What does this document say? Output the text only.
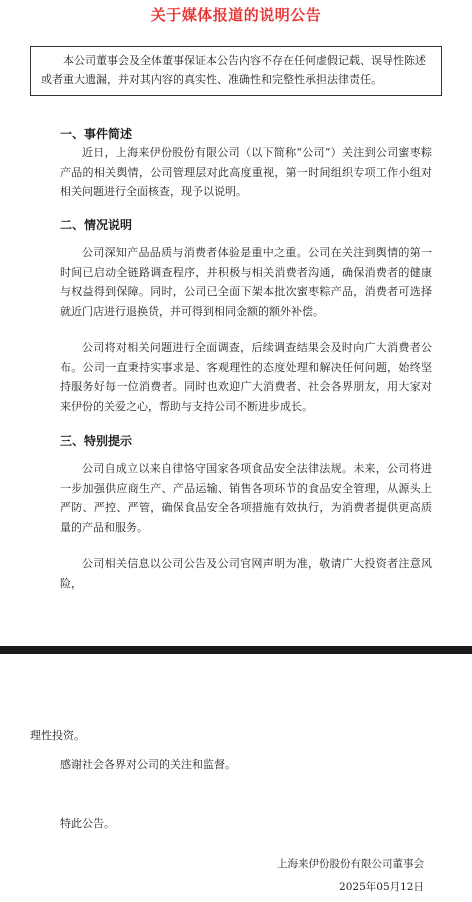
关于媒体报道的说明公告
本公司董事会及全体董事保证本公告内容不存在任何虚假记载、误导性陈述或者重大遗漏，并对其内容的真实性、准确性和完整性承担法律责任。
一、事件简述
近日，上海来伊份股份有限公司（以下简称“公司”）关注到公司蜜枣粽产品的相关舆情，公司管理层对此高度重视，第一时间组织专项工作小组对相关问题进行全面核查，现予以说明。
二、情况说明
公司深知产品品质与消费者体验是重中之重。公司在关注到舆情的第一时间已启动全链路调查程序，并积极与相关消费者沟通，确保消费者的健康与权益得到保障。同时，公司已全面下架本批次蜜枣粽产品，消费者可选择就近门店进行退换货，并可得到相同金额的额外补偿。
公司将对相关问题进行全面调查，后续调查结果会及时向广大消费者公布。公司一直秉持实事求是、客观理性的态度处理和解决任何问题，始终坚持服务好每一位消费者。同时也欢迎广大消费者、社会各界朋友，用大家对来伊份的关爱之心，帮助与支持公司不断进步成长。
三、特别提示
公司自成立以来自律恪守国家各项食品安全法律法规。未来，公司将进一步加强供应商生产、产品运输、销售各项环节的食品安全管理，从源头上严防、严控、严管，确保食品安全各项措施有效执行，为消费者提供更高质量的产品和服务。
公司相关信息以公司公告及公司官网声明为准，敬请广大投资者注意风险，
理性投资。
感谢社会各界对公司的关注和监督。
特此公告。
上海来伊份股份有限公司董事会
2025年05月12日
